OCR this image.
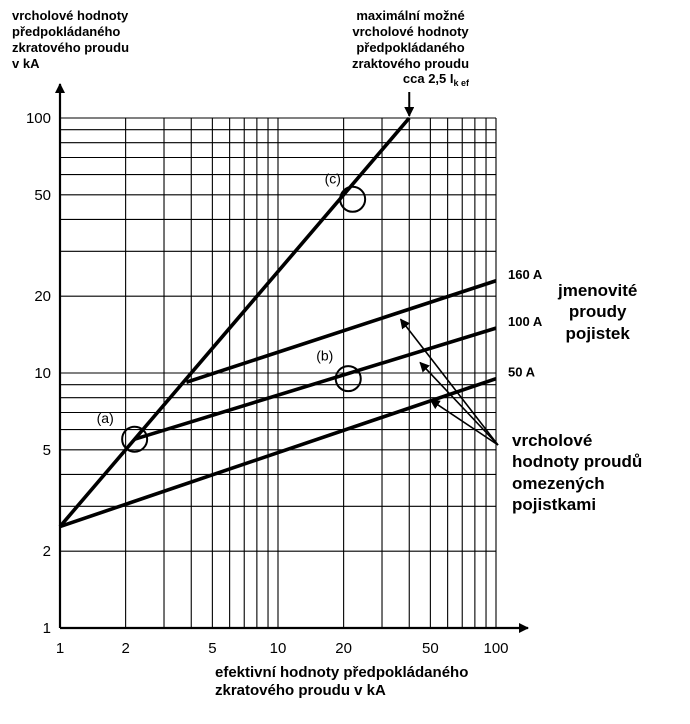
1	2	5	10	20	50	100
1
2
5
10
20
50
100
160 A
100 A
50 A
(a)
(b)
(c)
vrcholové hodnoty
předpokládaného
zkratového proudu
v kA
maximální možné
vrcholové hodnoty
předpokládaného
zraktového proudu
cca 2,5 $I_{k ef}$
efektivní hodnoty předpokládaného
zkratového proudu v kA
jmenovité
proudy
pojistek
vrcholové
hodnoty proudů
omezených
pojistkami
